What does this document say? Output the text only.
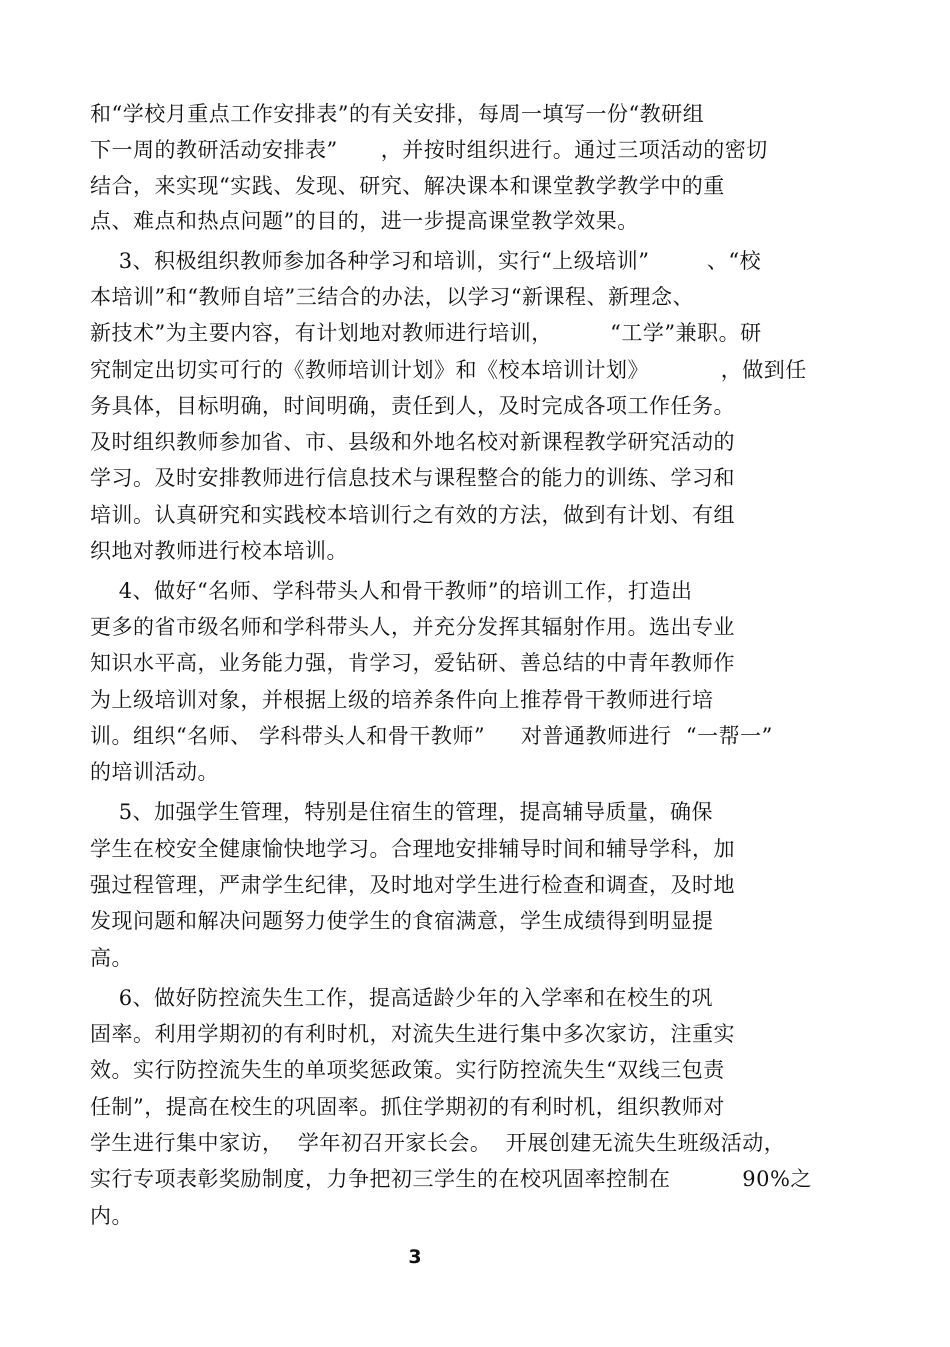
和“学校月重点工作安排表”的有关安排，每周一填写一份“教研组
下一周的教研活动安排表”      ，并按时组织进行。通过三项活动的密切
结合，来实现“实践、发现、研究、解决课本和课堂教学教学中的重
点、难点和热点问题”的目的，进一步提高课堂教学效果。
3、积极组织教师参加各种学习和培训，实行“上级培训”        、“校
本培训”和“教师自培”三结合的办法，以学习“新课程、新理念、
新技术”为主要内容，有计划地对教师进行培训，        “工学”兼职。研
究制定出切实可行的《教师培训计划》和《校本培训计划》          ，做到任
务具体，目标明确，时间明确，责任到人，及时完成各项工作任务。
及时组织教师参加省、市、县级和外地名校对新课程教学研究活动的
学习。及时安排教师进行信息技术与课程整合的能力的训练、学习和
培训。认真研究和实践校本培训行之有效的方法，做到有计划、有组
织地对教师进行校本培训。
4、做好“名师、学科带头人和骨干教师”的培训工作，打造出
更多的省市级名师和学科带头人，并充分发挥其辐射作用。选出专业
知识水平高，业务能力强，肯学习，爱钻研、善总结的中青年教师作
为上级培训对象，并根据上级的培养条件向上推荐骨干教师进行培
训。组织“名师、 学科带头人和骨干教师”     对普通教师进行  “一帮一”
的培训活动。
5、加强学生管理，特别是住宿生的管理，提高辅导质量，确保
学生在校安全健康愉快地学习。合理地安排辅导时间和辅导学科，加
强过程管理，严肃学生纪律，及时地对学生进行检查和调查，及时地
发现问题和解决问题努力使学生的食宿满意，学生成绩得到明显提
高。
6、做好防控流失生工作，提高适龄少年的入学率和在校生的巩
固率。利用学期初的有利时机，对流失生进行集中多次家访，注重实
效。实行防控流失生的单项奖惩政策。实行防控流失生“双线三包责
任制”，提高在校生的巩固率。抓住学期初的有利时机，组织教师对
学生进行集中家访，  学年初召开家长会。  开展创建无流失生班级活动，
实行专项表彰奖励制度，力争把初三学生的在校巩固率控制在          90%之
内。
3
